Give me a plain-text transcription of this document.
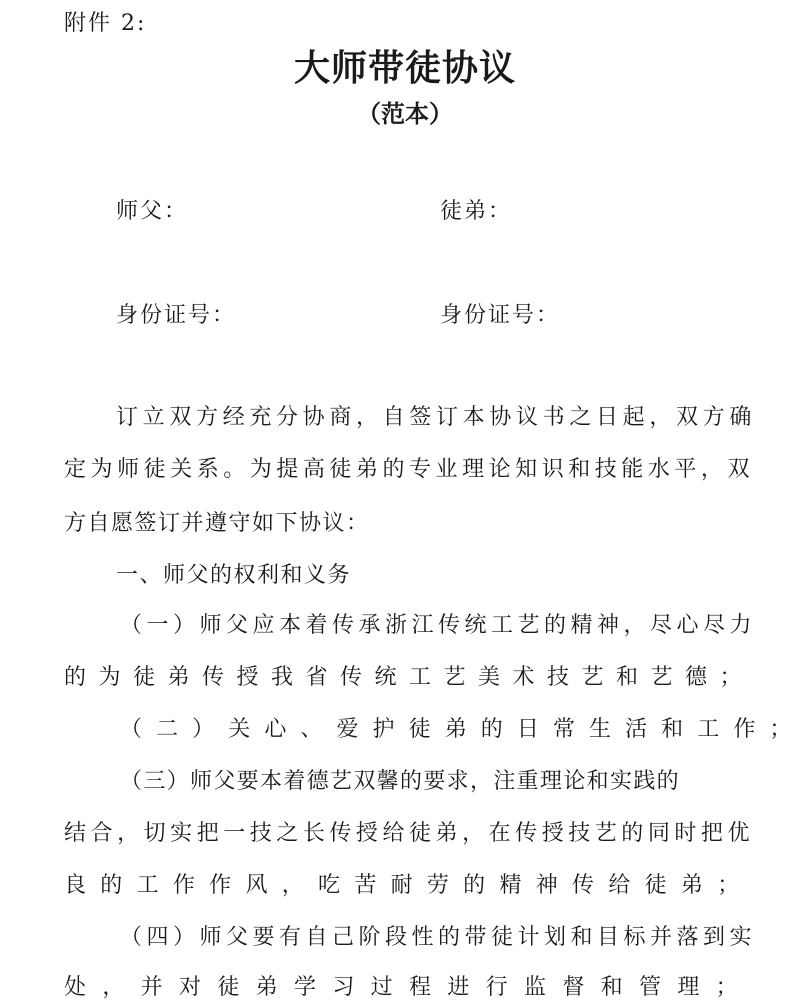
附件 2:
大师带徒协议
（范本）
师父：	徒弟：
身份证号：	身份证号：
订立双方经充分协商，自签订本协议书之日起，双方确
定为师徒关系。为提高徒弟的专业理论知识和技能水平，双
方自愿签订并遵守如下协议：
一、师父的权利和义务
（一）师父应本着传承浙江传统工艺的精神，尽心尽力
的为徒弟传授我省传统工艺美术技艺和艺德；
（二）关心、爱护徒弟的日常生活和工作；
（三）师父要本着德艺双馨的要求，注重理论和实践的
结合，切实把一技之长传授给徒弟，在传授技艺的同时把优
良的工作作风，吃苦耐劳的精神传给徒弟；
（四）师父要有自己阶段性的带徒计划和目标并落到实
处，并对徒弟学习过程进行监督和管理；
